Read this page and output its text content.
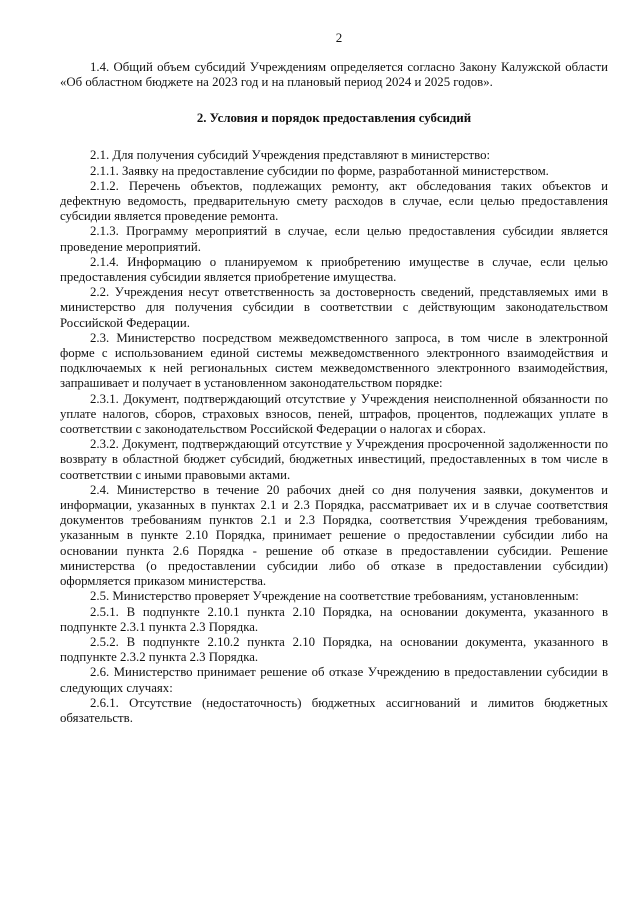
2

1.4. Общий объем субсидий Учреждениям определяется согласно Закону Калужской области «Об областном бюджете на 2023 год и на плановый период 2024 и 2025 годов».

2. Условия и порядок предоставления субсидий

2.1. Для получения субсидий Учреждения представляют в министерство:

2.1.1. Заявку на предоставление субсидии по форме, разработанной министерством.

2.1.2. Перечень объектов, подлежащих ремонту, акт обследования таких объектов и дефектную ведомость, предварительную смету расходов в случае, если целью предоставления субсидии является проведение ремонта.

2.1.3. Программу мероприятий в случае, если целью предоставления субсидии является проведение мероприятий.

2.1.4. Информацию о планируемом к приобретению имуществе в случае, если целью предоставления субсидии является приобретение имущества.

2.2. Учреждения несут ответственность за достоверность сведений, представляемых ими в министерство для получения субсидии в соответствии с действующим законодательством Российской Федерации.

2.3. Министерство посредством межведомственного запроса, в том числе в электронной форме с использованием единой системы межведомственного электронного взаимодействия и подключаемых к ней региональных систем межведомственного электронного взаимодействия, запрашивает и получает в установленном законодательством порядке:

2.3.1. Документ, подтверждающий отсутствие у Учреждения неисполненной обязанности по уплате налогов, сборов, страховых взносов, пеней, штрафов, процентов, подлежащих уплате в соответствии с законодательством Российской Федерации о налогах и сборах.

2.3.2. Документ, подтверждающий отсутствие у Учреждения просроченной задолженности по возврату в областной бюджет субсидий, бюджетных инвестиций, предоставленных в том числе в соответствии с иными правовыми актами.

2.4. Министерство в течение 20 рабочих дней со дня получения заявки, документов и информации, указанных в пунктах 2.1 и 2.3 Порядка, рассматривает их и в случае соответствия документов требованиям пунктов 2.1 и 2.3 Порядка, соответствия Учреждения требованиям, указанным в пункте 2.10 Порядка, принимает решение о предоставлении субсидии либо на основании пункта 2.6 Порядка - решение об отказе в предоставлении субсидии. Решение министерства (о предоставлении субсидии либо об отказе в предоставлении субсидии) оформляется приказом министерства.

2.5. Министерство проверяет Учреждение на соответствие требованиям, установленным:

2.5.1. В подпункте 2.10.1 пункта 2.10 Порядка, на основании документа, указанного в подпункте 2.3.1 пункта 2.3 Порядка.

2.5.2. В подпункте 2.10.2 пункта 2.10 Порядка, на основании документа, указанного в подпункте 2.3.2 пункта 2.3 Порядка.

2.6. Министерство принимает решение об отказе Учреждению в предоставлении субсидии в следующих случаях:

2.6.1. Отсутствие (недостаточность) бюджетных ассигнований и лимитов бюджетных обязательств.
